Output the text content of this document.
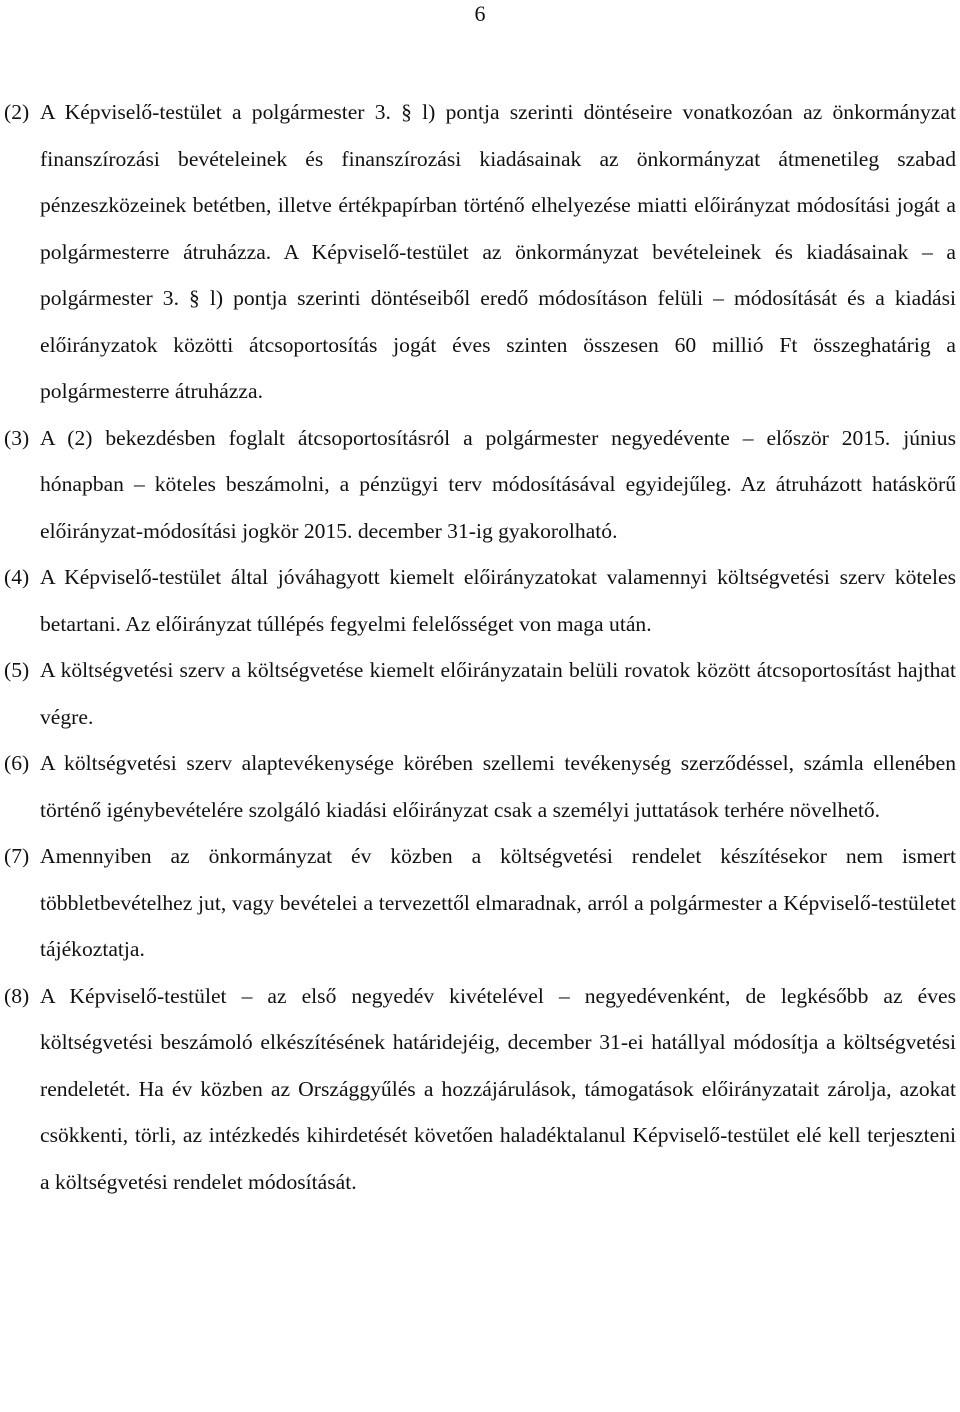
6

(2) A Képviselő-testület a polgármester 3. § l) pontja szerinti döntéseire vonatkozóan az önkormányzat finanszírozási bevételeinek és finanszírozási kiadásainak az önkormányzat átmenetileg szabad pénzeszközeinek betétben, illetve értékpapírban történő elhelyezése miatti előirányzat módosítási jogát a polgármesterre átruházza. A Képviselő-testület az önkormányzat bevételeinek és kiadásainak – a polgármester 3. § l) pontja szerinti döntéseiből eredő módosításon felüli – módosítását és a kiadási előirányzatok közötti átcsoportosítás jogát éves szinten összesen 60 millió Ft összeghatárig a polgármesterre átruházza.

(3) A (2) bekezdésben foglalt átcsoportosításról a polgármester negyedévente – először 2015. június hónapban – köteles beszámolni, a pénzügyi terv módosításával egyidejűleg. Az átruházott hatáskörű előirányzat-módosítási jogkör 2015. december 31-ig gyakorolható.

(4) A Képviselő-testület által jóváhagyott kiemelt előirányzatokat valamennyi költségvetési szerv köteles betartani. Az előirányzat túllépés fegyelmi felelősséget von maga után.

(5) A költségvetési szerv a költségvetése kiemelt előirányzatain belüli rovatok között átcsoportosítást hajthat végre.

(6) A költségvetési szerv alaptevékenysége körében szellemi tevékenység szerződéssel, számla ellenében történő igénybevételére szolgáló kiadási előirányzat csak a személyi juttatások terhére növelhető.

(7) Amennyiben az önkormányzat év közben a költségvetési rendelet készítésekor nem ismert többletbevételhez jut, vagy bevételei a tervezettől elmaradnak, arról a polgármester a Képviselő-testületet tájékoztatja.

(8) A Képviselő-testület – az első negyedév kivételével – negyedévenként, de legkésőbb az éves költségvetési beszámoló elkészítésének határidejéig, december 31-ei hatállyal módosítja a költségvetési rendeletét. Ha év közben az Országgyűlés a hozzájárulások, támogatások előirányzatait zárolja, azokat csökkenti, törli, az intézkedés kihirdetését követően haladéktalanul Képviselő-testület elé kell terjeszteni a költségvetési rendelet módosítását.
